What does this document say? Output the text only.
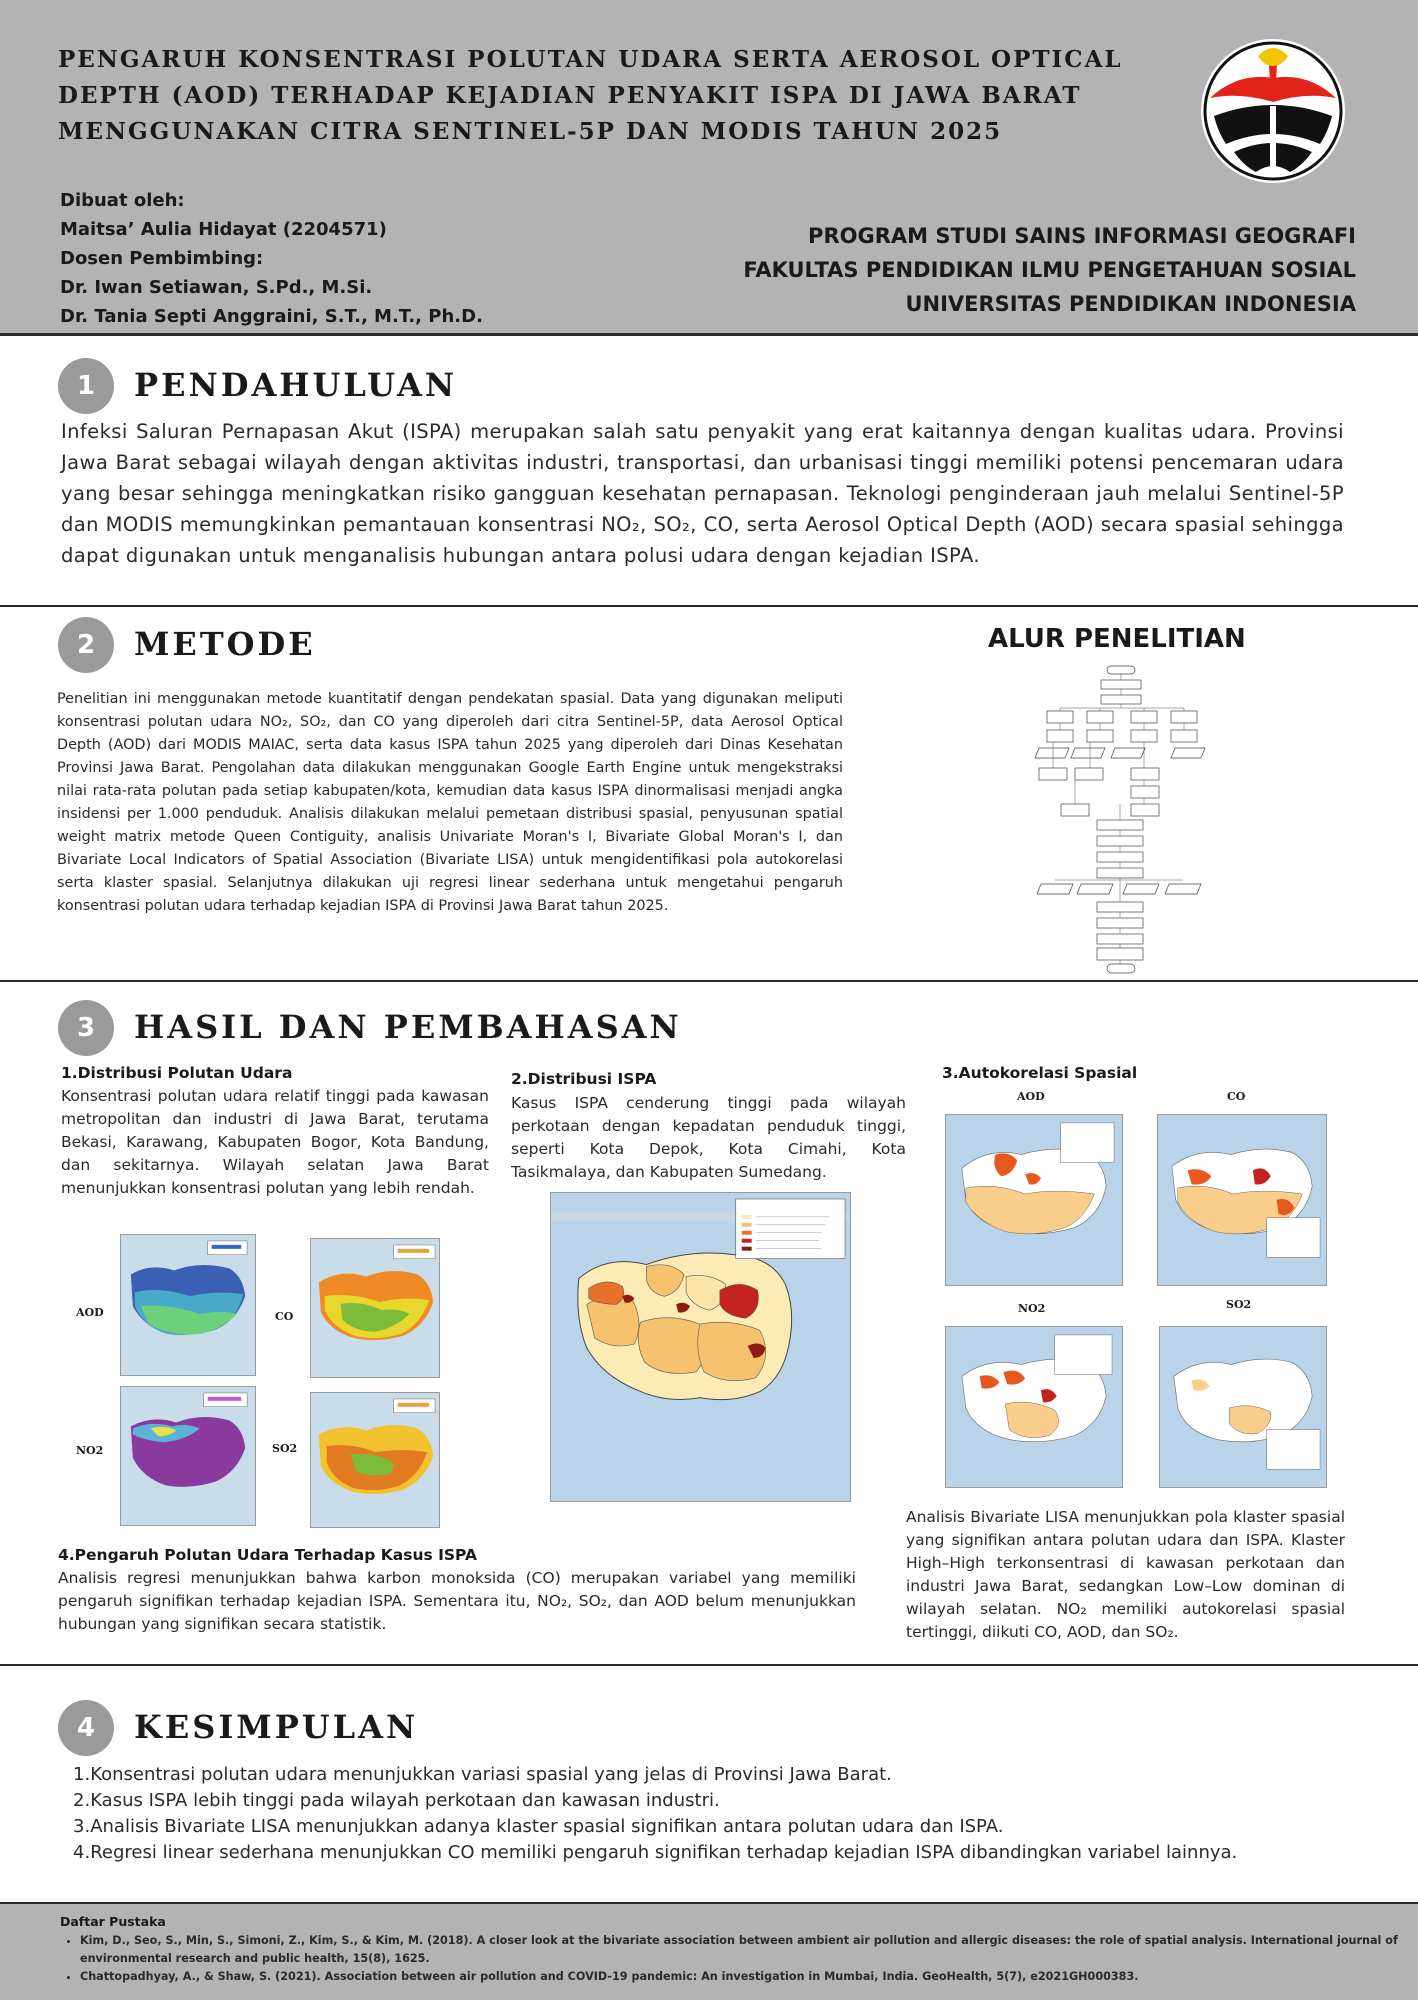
PENGARUH KONSENTRASI POLUTAN UDARA SERTA AEROSOL OPTICAL
DEPTH (AOD) TERHADAP KEJADIAN PENYAKIT ISPA DI JAWA BARAT
MENGGUNAKAN CITRA SENTINEL-5P DAN MODIS TAHUN 2025
Dibuat oleh:
Maitsa’ Aulia Hidayat (2204571)
Dosen Pembimbing:
Dr. Iwan Setiawan, S.Pd., M.Si.
Dr. Tania Septi Anggraini, S.T., M.T., Ph.D.
PROGRAM STUDI SAINS INFORMASI GEOGRAFI
FAKULTAS PENDIDIKAN ILMU PENGETAHUAN SOSIAL
UNIVERSITAS PENDIDIKAN INDONESIA
1	PENDAHULUAN
Infeksi Saluran Pernapasan Akut (ISPA) merupakan salah satu penyakit yang erat kaitannya dengan kualitas udara. Provinsi Jawa Barat sebagai wilayah dengan aktivitas industri, transportasi, dan urbanisasi tinggi memiliki potensi pencemaran udara yang besar sehingga meningkatkan risiko gangguan kesehatan pernapasan. Teknologi penginderaan jauh melalui Sentinel-5P dan MODIS memungkinkan pemantauan konsentrasi NO₂, SO₂, CO, serta Aerosol Optical Depth (AOD) secara spasial sehingga dapat digunakan untuk menganalisis hubungan antara polusi udara dengan kejadian ISPA.
2	METODE
Penelitian ini menggunakan metode kuantitatif dengan pendekatan spasial. Data yang digunakan meliputi konsentrasi polutan udara NO₂, SO₂, dan CO yang diperoleh dari citra Sentinel-5P, data Aerosol Optical Depth (AOD) dari MODIS MAIAC, serta data kasus ISPA tahun 2025 yang diperoleh dari Dinas Kesehatan Provinsi Jawa Barat. Pengolahan data dilakukan menggunakan Google Earth Engine untuk mengekstraksi nilai rata-rata polutan pada setiap kabupaten/kota, kemudian data kasus ISPA dinormalisasi menjadi angka insidensi per 1.000 penduduk. Analisis dilakukan melalui pemetaan distribusi spasial, penyusunan spatial weight matrix metode Queen Contiguity, analisis Univariate Moran's I, Bivariate Global Moran's I, dan Bivariate Local Indicators of Spatial Association (Bivariate LISA) untuk mengidentifikasi pola autokorelasi serta klaster spasial. Selanjutnya dilakukan uji regresi linear sederhana untuk mengetahui pengaruh konsentrasi polutan udara terhadap kejadian ISPA di Provinsi Jawa Barat tahun 2025.
ALUR PENELITIAN
3	HASIL DAN PEMBAHASAN
1.Distribusi Polutan Udara
Konsentrasi polutan udara relatif tinggi pada kawasan metropolitan dan industri di Jawa Barat, terutama Bekasi, Karawang, Kabupaten Bogor, Kota Bandung, dan sekitarnya. Wilayah selatan Jawa Barat menunjukkan konsentrasi polutan yang lebih rendah.
AOD	CO
NO2	SO2
2.Distribusi ISPA
Kasus ISPA cenderung tinggi pada wilayah perkotaan dengan kepadatan penduduk tinggi, seperti Kota Depok, Kota Cimahi, Kota Tasikmalaya, dan Kabupaten Sumedang.
3.Autokorelasi Spasial
AOD	CO
NO2	SO2
Analisis Bivariate LISA menunjukkan pola klaster spasial yang signifikan antara polutan udara dan ISPA. Klaster High–High terkonsentrasi di kawasan perkotaan dan industri Jawa Barat, sedangkan Low–Low dominan di wilayah selatan. NO₂ memiliki autokorelasi spasial tertinggi, diikuti CO, AOD, dan SO₂.
4.Pengaruh Polutan Udara Terhadap Kasus ISPA
Analisis regresi menunjukkan bahwa karbon monoksida (CO) merupakan variabel yang memiliki pengaruh signifikan terhadap kejadian ISPA. Sementara itu, NO₂, SO₂, dan AOD belum menunjukkan hubungan yang signifikan secara statistik.
4	KESIMPULAN
1.Konsentrasi polutan udara menunjukkan variasi spasial yang jelas di Provinsi Jawa Barat.
2.Kasus ISPA lebih tinggi pada wilayah perkotaan dan kawasan industri.
3.Analisis Bivariate LISA menunjukkan adanya klaster spasial signifikan antara polutan udara dan ISPA.
4.Regresi linear sederhana menunjukkan CO memiliki pengaruh signifikan terhadap kejadian ISPA dibandingkan variabel lainnya.
Daftar Pustaka
• Kim, D., Seo, S., Min, S., Simoni, Z., Kim, S., & Kim, M. (2018). A closer look at the bivariate association between ambient air pollution and allergic diseases: the role of spatial analysis. International journal of environmental research and public health, 15(8), 1625.
• Chattopadhyay, A., & Shaw, S. (2021). Association between air pollution and COVID-19 pandemic: An investigation in Mumbai, India. GeoHealth, 5(7), e2021GH000383.
